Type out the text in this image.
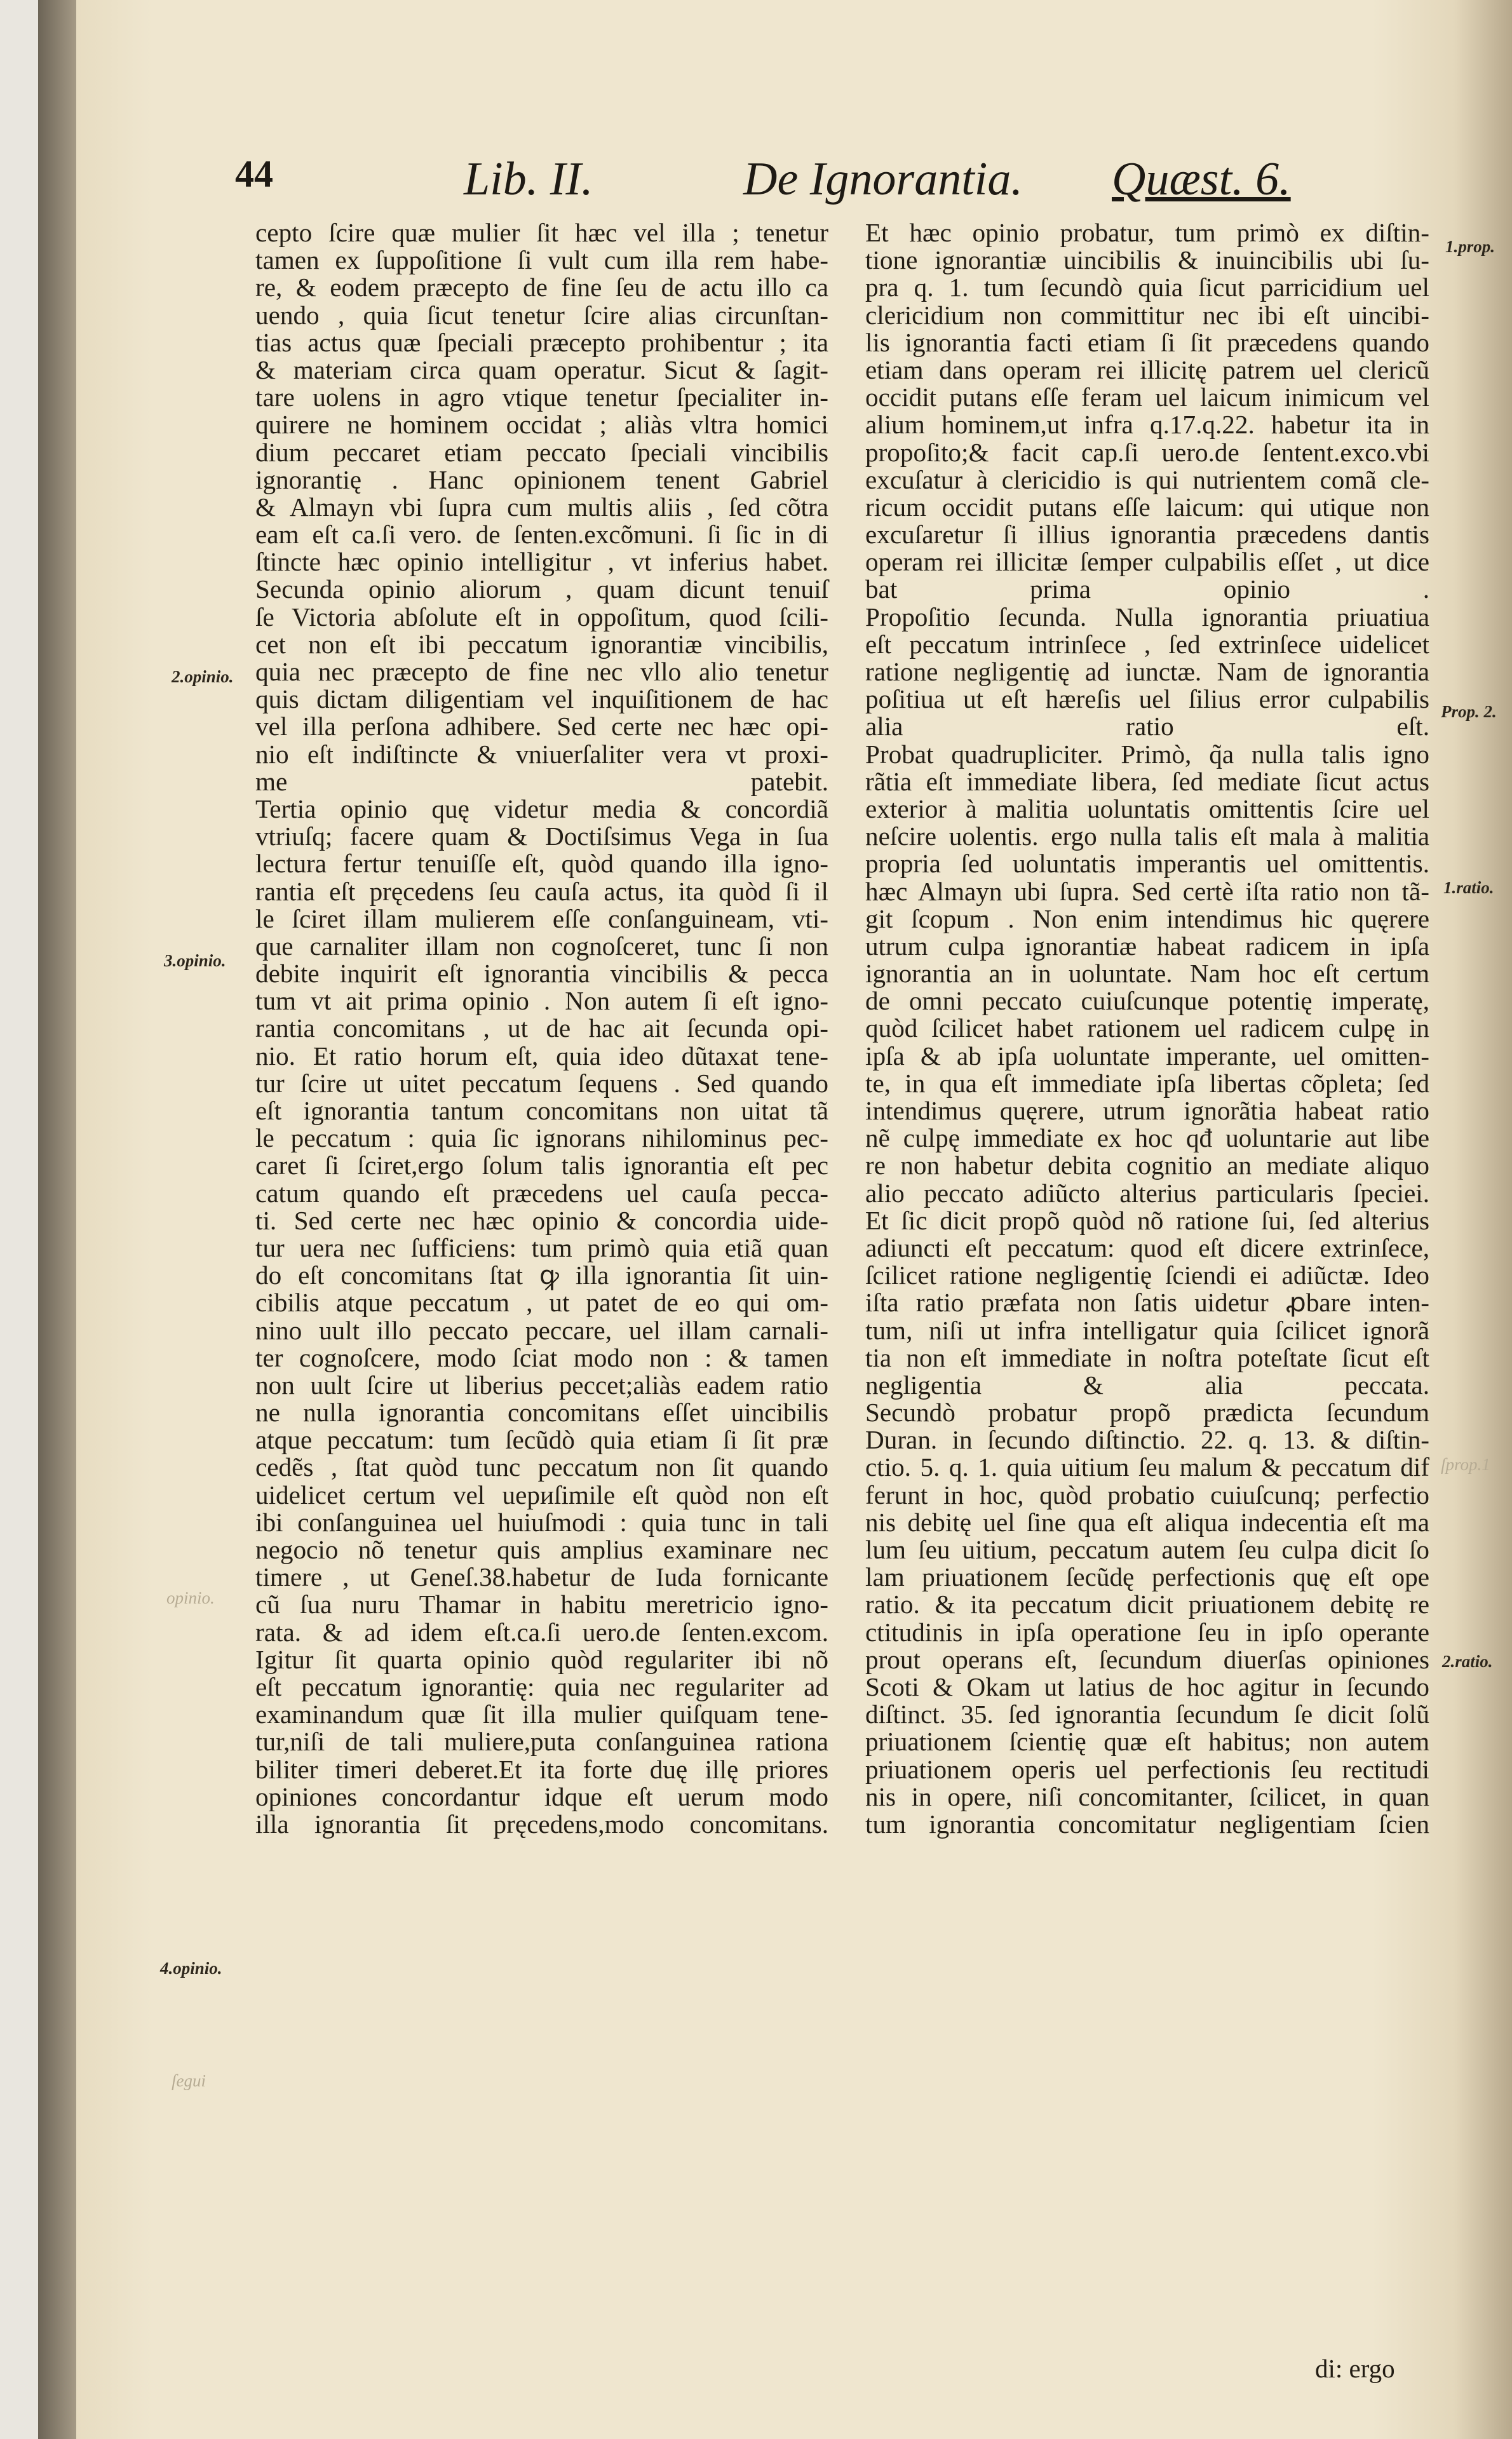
44	Lib. II.	De Ignorantia. Quæst. 6.
cepto ſcire quæ mulier ſit hæc vel illa ; tenetur
tamen ex ſuppoſitione ſi vult cum illa rem habe-
re, & eodem præcepto de fine ſeu de actu illo ca
uendo , quia ſicut tenetur ſcire alias circunſtan-
tias actus quæ ſpeciali præcepto prohibentur ; ita
& materiam circa quam operatur. Sicut & ſagit-
tare uolens in agro vtique tenetur ſpecialiter in-
quirere ne hominem occidat ; aliàs vltra homici
dium peccaret etiam peccato ſpeciali vincibilis
ignorantię . Hanc opinionem tenent Gabriel
& Almayn vbi ſupra cum multis aliis , ſed cõtra
eam eſt ca.ſi vero. de ſenten.excõmuni. ſi ſic in di
ſtincte hæc opinio intelligitur , vt inferius habet.
Secunda opinio aliorum , quam dicunt tenuiſ
ſe Victoria abſolute eſt in oppoſitum, quod ſcili-
cet non eſt ibi peccatum ignorantiæ vincibilis,
quia nec præcepto de fine nec vllo alio tenetur
quis dictam diligentiam vel inquiſitionem de hac
vel illa perſona adhibere. Sed certe nec hæc opi-
nio eſt indiſtincte & vniuerſaliter vera vt proxi-
me patebit.
Tertia opinio quę videtur media & concordiã
vtriuſq; facere quam & Doctiſsimus Vega in ſua
lectura fertur tenuiſſe eſt, quòd quando illa igno-
rantia eſt pręcedens ſeu cauſa actus, ita quòd ſi il
le ſciret illam mulierem eſſe conſanguineam, vti-
que carnaliter illam non cognoſceret, tunc ſi non
debite inquirit eſt ignorantia vincibilis & pecca
tum vt ait prima opinio . Non autem ſi eſt igno-
rantia concomitans , ut de hac ait ſecunda opi-
nio. Et ratio horum eſt, quia ideo dũtaxat tene-
tur ſcire ut uitet peccatum ſequens . Sed quando
eſt ignorantia tantum concomitans non uitat tã
le peccatum : quia ſic ignorans nihilominus pec-
caret ſi ſciret,ergo ſolum talis ignorantia eſt pec
catum quando eſt præcedens uel cauſa pecca-
ti. Sed certe nec hæc opinio & concordia uide-
tur uera nec ſufficiens: tum primò quia etiã quan
do eſt concomitans ſtat ꝙ illa ignorantia ſit uin-
cibilis atque peccatum , ut patet de eo qui om-
nino uult illo peccato peccare, uel illam carnali-
ter cognoſcere, modo ſciat modo non : & tamen
non uult ſcire ut liberius peccet;aliàs eadem ratio
ne nulla ignorantia concomitans eſſet uincibilis
atque peccatum: tum ſecũdò quia etiam ſi ſit præ
cedẽs , ſtat quòd tunc peccatum non ſit quando
uidelicet certum vel uериſimile eſt quòd non eſt
ibi conſanguinea uel huiuſmodi : quia tunc in tali
negocio nõ tenetur quis amplius examinare nec
timere , ut Geneſ.38.habetur de Iuda fornicante
cũ ſua nuru Thamar in habitu meretricio igno-
rata. & ad idem eſt.ca.ſi uero.de ſenten.excom.
Igitur ſit quarta opinio quòd regulariter ibi nõ
eſt peccatum ignorantię: quia nec regulariter ad
examinandum quæ ſit illa mulier quiſquam tene-
tur,niſi de tali muliere,puta conſanguinea rationa
biliter timeri deberet.Et ita forte duę illę priores
opiniones concordantur idque eſt uerum modo
illa ignorantia ſit pręcedens,modo concomitans.
Et hæc opinio probatur, tum primò ex diſtin-
tione ignorantiæ uincibilis & inuincibilis ubi ſu-
pra q. 1. tum ſecundò quia ſicut parricidium uel
clericidium non committitur nec ibi eſt uincibi-
lis ignorantia facti etiam ſi ſit præcedens quando
etiam dans operam rei illicitę patrem uel clericũ
occidit putans eſſe feram uel laicum inimicum vel
alium hominem,ut infra q.17.q.22. habetur ita in
propoſito;& facit cap.ſi uero.de ſentent.exco.vbi
excuſatur à clericidio is qui nutrientem comã cle-
ricum occidit putans eſſe laicum: qui utique non
excuſaretur ſi illius ignorantia præcedens dantis
operam rei illicitæ ſemper culpabilis eſſet , ut dice
bat prima opinio .
Propoſitio ſecunda. Nulla ignorantia priuatiua
eſt peccatum intrinſece , ſed extrinſece uidelicet
ratione negligentię ad iunctæ. Nam de ignorantia
poſitiua ut eſt hæreſis uel ſilius error culpabilis
alia ratio eſt.
Probat quadrupliciter. Primò, q̃a nulla talis igno
rãtia eſt immediate libera, ſed mediate ſicut actus
exterior à malitia uoluntatis omittentis ſcire uel
neſcire uolentis. ergo nulla talis eſt mala à malitia
propria ſed uoluntatis imperantis uel omittentis.
hæc Almayn ubi ſupra. Sed certè iſta ratio non tã-
git ſcopum . Non enim intendimus hic quęrere
utrum culpa ignorantiæ habeat radicem in ipſa
ignorantia an in uoluntate. Nam hoc eſt certum
de omni peccato cuiuſcunque potentię imperatę,
quòd ſcilicet habet rationem uel radicem culpę in
ipſa & ab ipſa uoluntate imperante, uel omitten-
te, in qua eſt immediate ipſa libertas cõpleta; ſed
intendimus quęrere, utrum ignorãtia habeat ratio
nẽ culpę immediate ex hoc qđ uoluntarie aut libe
re non habetur debita cognitio an mediate aliquo
alio peccato adiũcto alterius particularis ſpeciei.
Et ſic dicit propõ quòd nõ ratione ſui, ſed alterius
adiuncti eſt peccatum: quod eſt dicere extrinſece,
ſcilicet ratione negligentię ſciendi ei adiũctæ. Ideo
iſta ratio præfata non ſatis uidetur ꝓbare inten-
tum, niſi ut infra intelligatur quia ſcilicet ignorã
tia non eſt immediate in noſtra poteſtate ſicut eſt
negligentia & alia peccata.
Secundò probatur propõ prædicta ſecundum
Duran. in ſecundo diſtinctio. 22. q. 13. & diſtin-
ctio. 5. q. 1. quia uitium ſeu malum & peccatum dif
ferunt in hoc, quòd probatio cuiuſcunq; perfectio
nis debitę uel ſine qua eſt aliqua indecentia eſt ma
lum ſeu uitium, peccatum autem ſeu culpa dicit ſo
lam priuationem ſecũdę perfectionis quę eſt ope
ratio. & ita peccatum dicit priuationem debitę re
ctitudinis in ipſa operatione ſeu in ipſo operante
prout operans eſt, ſecundum diuerſas opiniones
Scoti & Okam ut latius de hoc agitur in ſecundo
diſtinct. 35. ſed ignorantia ſecundum ſe dicit ſolũ
priuationem ſcientię quæ eſt habitus; non autem
priuationem operis uel perfectionis ſeu rectitudi
nis in opere, niſi concomitanter, ſcilicet, in quan
tum ignorantia concomitatur negligentiam ſcien
2.opinio.
3.opinio.
4.opinio.
opinio.
ſegui
1.prop.
Prop. 2.
1.ratio.
2.ratio.
ſprop.1
di: ergo
